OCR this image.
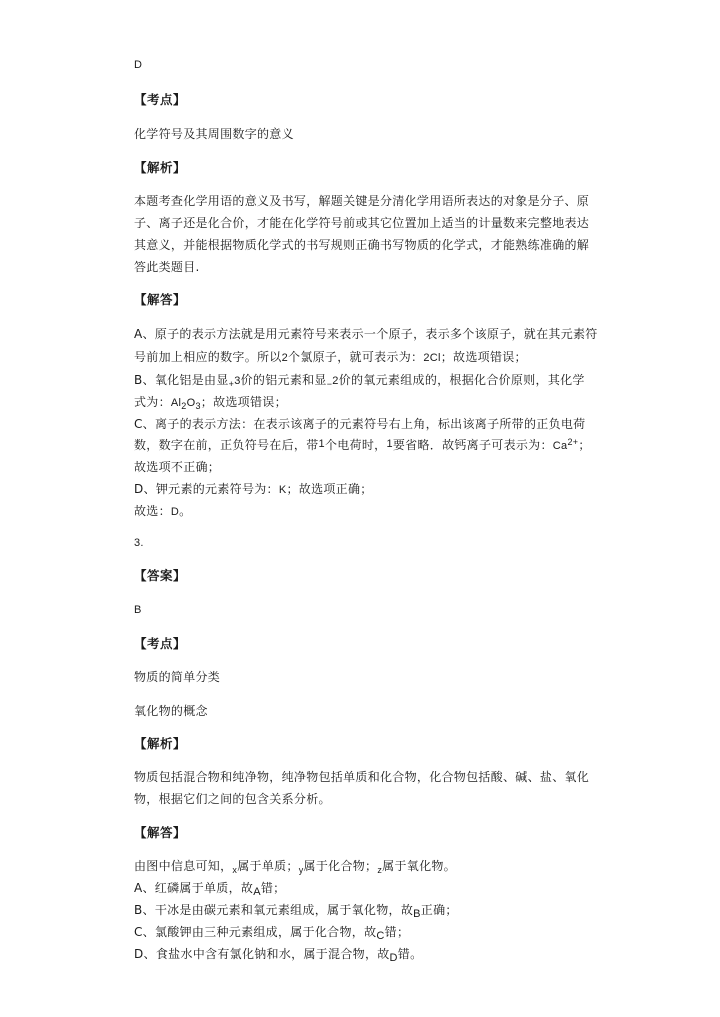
D
【考点】
化学符号及其周围数字的意义
【解析】
本题考查化学用语的意义及书写，解题关键是分清化学用语所表达的对象是分子、原
子、离子还是化合价，才能在化学符号前或其它位置加上适当的计量数来完整地表达
其意义，并能根据物质化学式的书写规则正确书写物质的化学式，才能熟练准确的解
答此类题目.
【解答】
A、原子的表示方法就是用元素符号来表示一个原子，表示多个该原子，就在其元素符
号前加上相应的数字。所以2个氯原子，就可表示为：2Cl；故选项错误；
B、氧化铝是由显$_+$3价的铝元素和显$_-$2价的氧元素组成的，根据化合价原则，其化学
式为：$Al_2O_3$；故选项错误；
C、离子的表示方法：在表示该离子的元素符号右上角，标出该离子所带的正负电荷
数，数字在前，正负符号在后，带1个电荷时，1要省略．故钙离子可表示为：$Ca^{2+}$；
故选项不正确；
D、钾元素的元素符号为：K；故选项正确；
故选：D。
3.
【答案】
B
【考点】
物质的简单分类
氧化物的概念
【解析】
物质包括混合物和纯净物，纯净物包括单质和化合物，化合物包括酸、碱、盐、氧化
物，根据它们之间的包含关系分析。
【解答】
由图中信息可知，$_x$属于单质；$_y$属于化合物；$_z$属于氧化物。
A、红磷属于单质，故A错；
B、干冰是由碳元素和氧元素组成，属于氧化物，故B正确；
C、氯酸钾由三种元素组成，属于化合物，故C错；
D、食盐水中含有氯化钠和水，属于混合物，故D错。
